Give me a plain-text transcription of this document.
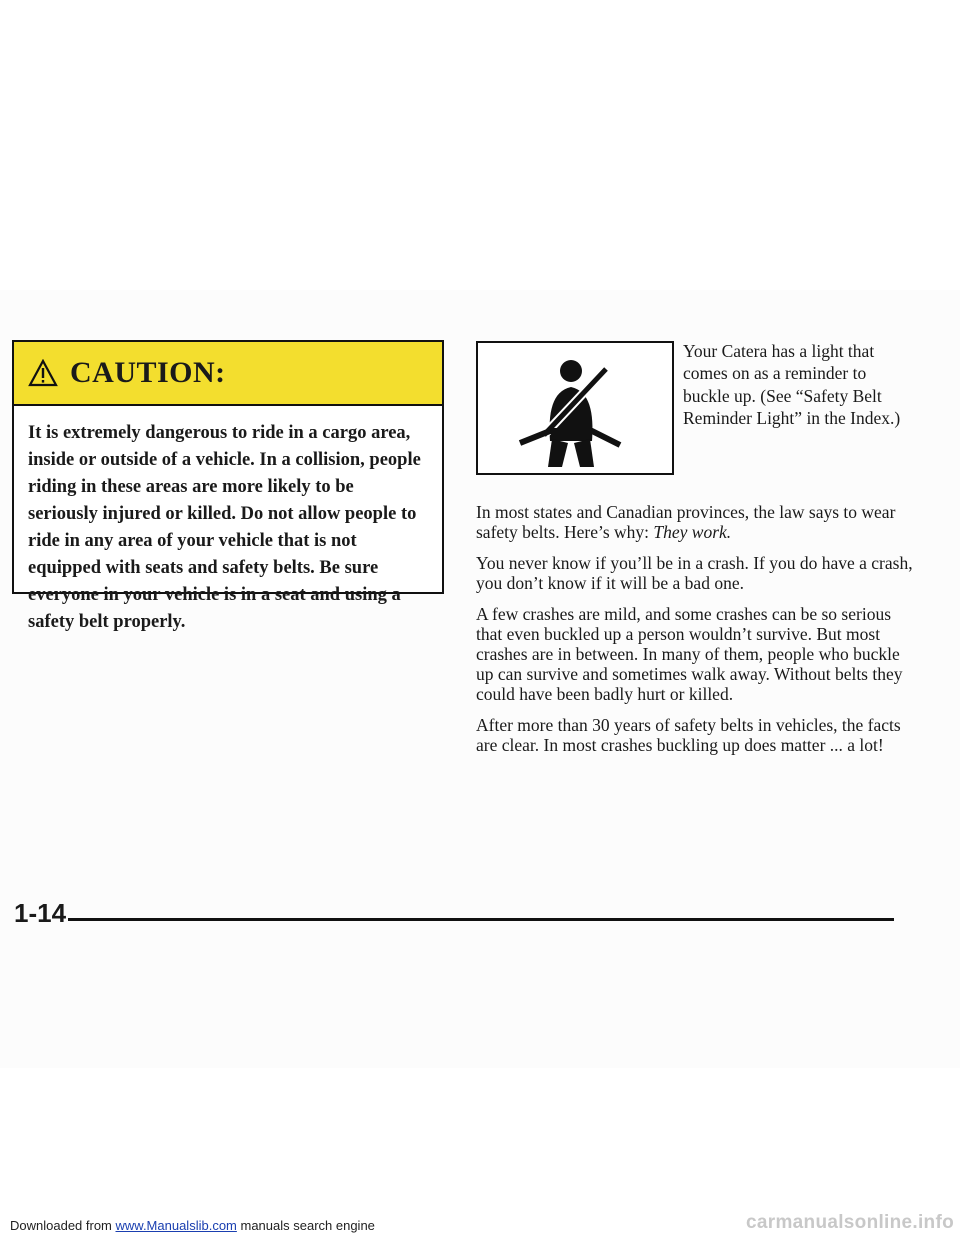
CAUTION:
It is extremely dangerous to ride in a cargo area, inside or outside of a vehicle. In a collision, people riding in these areas are more likely to be seriously injured or killed. Do not allow people to ride in any area of your vehicle that is not equipped with seats and safety belts. Be sure everyone in your vehicle is in a seat and using a safety belt properly.
Your Catera has a light that comes on as a reminder to buckle up. (See “Safety Belt Reminder Light” in the Index.)

In most states and Canadian provinces, the law says to wear safety belts. Here’s why: They work.

You never know if you’ll be in a crash. If you do have a crash, you don’t know if it will be a bad one.

A few crashes are mild, and some crashes can be so serious that even buckled up a person wouldn’t survive. But most crashes are in between. In many of them, people who buckle up can survive and sometimes walk away. Without belts they could have been badly hurt or killed.

After more than 30 years of safety belts in vehicles, the facts are clear. In most crashes buckling up does matter ... a lot!

1-14
Downloaded from www.Manualslib.com manuals search engine	carmanualsonline.info
